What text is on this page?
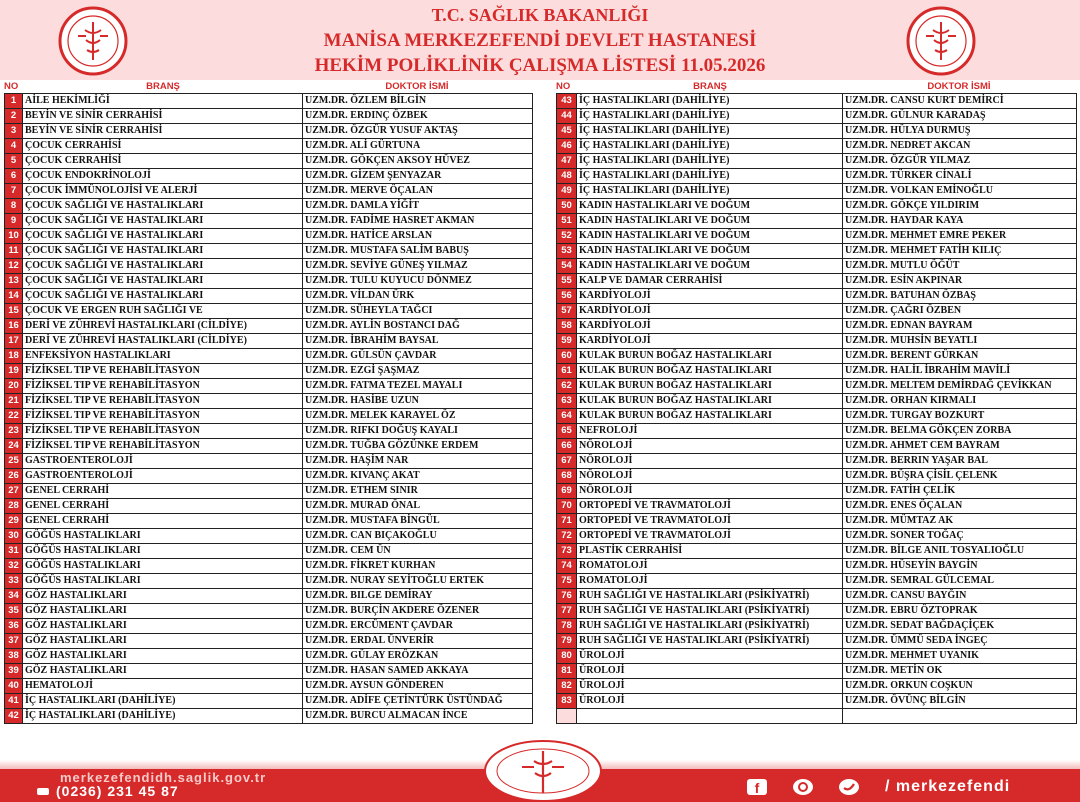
T.C. SAĞLIK BAKANLIĞI
MANİSA MERKEZEFENDİ DEVLET HASTANESİ
HEKİM POLİKLİNİK ÇALIŞMA LİSTESİ 11.05.2026
NO	BRANŞ	DOKTOR İSMİ	NO	BRANŞ	DOKTOR İSMİ
1	AİLE HEKİMLİĞİ	UZM.DR. ÖZLEM BİLGİN
2	BEYİN VE SİNİR CERRAHİSİ	UZM.DR. ERDINÇ ÖZBEK
3	BEYİN VE SİNİR CERRAHİSİ	UZM.DR. ÖZGÜR YUSUF AKTAŞ
4	ÇOCUK CERRAHİSİ	UZM.DR. ALİ GÜRTUNA
5	ÇOCUK CERRAHİSİ	UZM.DR. GÖKÇEN AKSOY HÜVEZ
6	ÇOCUK ENDOKRİNOLOJİ	UZM.DR. GİZEM ŞENYAZAR
7	ÇOCUK İMMÜNOLOJİSİ VE ALERJİ	UZM.DR. MERVE ÖÇALAN
8	ÇOCUK SAĞLIĞI VE HASTALIKLARI	UZM.DR. DAMLA YİĞİT
9	ÇOCUK SAĞLIĞI VE HASTALIKLARI	UZM.DR. FADİME HASRET AKMAN
10	ÇOCUK SAĞLIĞI VE HASTALIKLARI	UZM.DR. HATİCE ARSLAN
11	ÇOCUK SAĞLIĞI VE HASTALIKLARI	UZM.DR. MUSTAFA SALİM BABUŞ
12	ÇOCUK SAĞLIĞI VE HASTALIKLARI	UZM.DR. SEVİYE GÜNEŞ YILMAZ
13	ÇOCUK SAĞLIĞI VE HASTALIKLARI	UZM.DR. TULU KUYUCU DÖNMEZ
14	ÇOCUK SAĞLIĞI VE HASTALIKLARI	UZM.DR. VİLDAN ÜRK
15	ÇOCUK VE ERGEN RUH SAĞLIĞI VE	UZM.DR. SÜHEYLA TAĞCI
16	DERİ VE ZÜHREVİ HASTALIKLARI (CİLDİYE)	UZM.DR. AYLİN BOSTANCI DAĞ
17	DERİ VE ZÜHREVİ HASTALIKLARI (CİLDİYE)	UZM.DR. İBRAHİM BAYSAL
18	ENFEKSİYON HASTALIKLARI	UZM.DR. GÜLSÜN ÇAVDAR
19	FİZİKSEL TIP VE REHABİLİTASYON	UZM.DR. EZGİ ŞAŞMAZ
20	FİZİKSEL TIP VE REHABİLİTASYON	UZM.DR. FATMA TEZEL MAYALI
21	FİZİKSEL TIP VE REHABİLİTASYON	UZM.DR. HASİBE UZUN
22	FİZİKSEL TIP VE REHABİLİTASYON	UZM.DR. MELEK KARAYEL ÖZ
23	FİZİKSEL TIP VE REHABİLİTASYON	UZM.DR. RIFKI DOĞUŞ KAYALI
24	FİZİKSEL TIP VE REHABİLİTASYON	UZM.DR. TUĞBA GÖZÜNKE ERDEM
25	GASTROENTEROLOJİ	UZM.DR. HAŞİM NAR
26	GASTROENTEROLOJİ	UZM.DR. KIVANÇ AKAT
27	GENEL CERRAHİ	UZM.DR. ETHEM SINIR
28	GENEL CERRAHİ	UZM.DR. MURAD ÖNAL
29	GENEL CERRAHİ	UZM.DR. MUSTAFA BİNGÜL
30	GÖĞÜS HASTALIKLARI	UZM.DR. CAN BIÇAKOĞLU
31	GÖĞÜS HASTALIKLARI	UZM.DR. CEM ÜN
32	GÖĞÜS HASTALIKLARI	UZM.DR. FİKRET KURHAN
33	GÖĞÜS HASTALIKLARI	UZM.DR. NURAY SEYİTOĞLU ERTEK
34	GÖZ HASTALIKLARI	UZM.DR. BILGE DEMİRAY
35	GÖZ HASTALIKLARI	UZM.DR. BURÇİN AKDERE ÖZENER
36	GÖZ HASTALIKLARI	UZM.DR. ERCÜMENT ÇAVDAR
37	GÖZ HASTALIKLARI	UZM.DR. ERDAL ÜNVERİR
38	GÖZ HASTALIKLARI	UZM.DR. GÜLAY ERÖZKAN
39	GÖZ HASTALIKLARI	UZM.DR. HASAN SAMED AKKAYA
40	HEMATOLOJİ	UZM.DR. AYSUN GÖNDEREN
41	İÇ HASTALIKLARI (DAHİLİYE)	UZM.DR. ADİFE ÇETİNTÜRK ÜSTÜNDAĞ
42	İÇ HASTALIKLARI (DAHİLİYE)	UZM.DR. BURCU ALMACAN İNCE
43	İÇ HASTALIKLARI (DAHİLİYE)	UZM.DR. CANSU KURT DEMİRCİ
44	İÇ HASTALIKLARI (DAHİLİYE)	UZM.DR. GÜLNUR KARADAŞ
45	İÇ HASTALIKLARI (DAHİLİYE)	UZM.DR. HÜLYA DURMUŞ
46	İÇ HASTALIKLARI (DAHİLİYE)	UZM.DR. NEDRET AKCAN
47	İÇ HASTALIKLARI (DAHİLİYE)	UZM.DR. ÖZGÜR YILMAZ
48	İÇ HASTALIKLARI (DAHİLİYE)	UZM.DR. TÜRKER CİNALİ
49	İÇ HASTALIKLARI (DAHİLİYE)	UZM.DR. VOLKAN EMİNOĞLU
50	KADIN HASTALIKLARI VE DOĞUM	UZM.DR. GÖKÇE YILDIRIM
51	KADIN HASTALIKLARI VE DOĞUM	UZM.DR. HAYDAR KAYA
52	KADIN HASTALIKLARI VE DOĞUM	UZM.DR. MEHMET EMRE PEKER
53	KADIN HASTALIKLARI VE DOĞUM	UZM.DR. MEHMET FATİH KILIÇ
54	KADIN HASTALIKLARI VE DOĞUM	UZM.DR. MUTLU ÖĞÜT
55	KALP VE DAMAR CERRAHİSİ	UZM.DR. ESİN AKPINAR
56	KARDİYOLOJİ	UZM.DR. BATUHAN ÖZBAŞ
57	KARDİYOLOJİ	UZM.DR. ÇAĞRI ÖZBEN
58	KARDİYOLOJİ	UZM.DR. EDNAN BAYRAM
59	KARDİYOLOJİ	UZM.DR. MUHSİN BEYATLI
60	KULAK BURUN BOĞAZ HASTALIKLARI	UZM.DR. BERENT GÜRKAN
61	KULAK BURUN BOĞAZ HASTALIKLARI	UZM.DR. HALİL İBRAHİM MAVİLİ
62	KULAK BURUN BOĞAZ HASTALIKLARI	UZM.DR. MELTEM DEMİRDAĞ ÇEVİKKAN
63	KULAK BURUN BOĞAZ HASTALIKLARI	UZM.DR. ORHAN KIRMALI
64	KULAK BURUN BOĞAZ HASTALIKLARI	UZM.DR. TURGAY BOZKURT
65	NEFROLOJİ	UZM.DR. BELMA GÖKÇEN ZORBA
66	NÖROLOJİ	UZM.DR. AHMET CEM BAYRAM
67	NÖROLOJİ	UZM.DR. BERRIN YAŞAR BAL
68	NÖROLOJİ	UZM.DR. BÜŞRA ÇİSİL ÇELENK
69	NÖROLOJİ	UZM.DR. FATİH ÇELİK
70	ORTOPEDİ VE TRAVMATOLOJİ	UZM.DR. ENES ÖÇALAN
71	ORTOPEDİ VE TRAVMATOLOJİ	UZM.DR. MÜMTAZ AK
72	ORTOPEDİ VE TRAVMATOLOJİ	UZM.DR. SONER TOĞAÇ
73	PLASTİK CERRAHİSİ	UZM.DR. BİLGE ANIL TOSYALIOĞLU
74	ROMATOLOJİ	UZM.DR. HÜSEYİN BAYGİN
75	ROMATOLOJİ	UZM.DR. SEMRAL GÜLCEMAL
76	RUH SAĞLIĞI VE HASTALIKLARI (PSİKİYATRİ)	UZM.DR. CANSU BAYĞIN
77	RUH SAĞLIĞI VE HASTALIKLARI (PSİKİYATRİ)	UZM.DR. EBRU ÖZTOPRAK
78	RUH SAĞLIĞI VE HASTALIKLARI (PSİKİYATRİ)	UZM.DR. SEDAT BAĞDAÇİÇEK
79	RUH SAĞLIĞI VE HASTALIKLARI (PSİKİYATRİ)	UZM.DR. ÜMMÜ SEDA İNGEÇ
80	ÜROLOJİ	UZM.DR. MEHMET UYANIK
81	ÜROLOJİ	UZM.DR. METİN OK
82	ÜROLOJİ	UZM.DR. ORKUN COŞKUN
83	ÜROLOJİ	UZM.DR. ÖVÜNÇ BİLGİN

merkezefendidh.saglik.gov.tr
(0236) 231 45 87	f	/ merkezefendi
